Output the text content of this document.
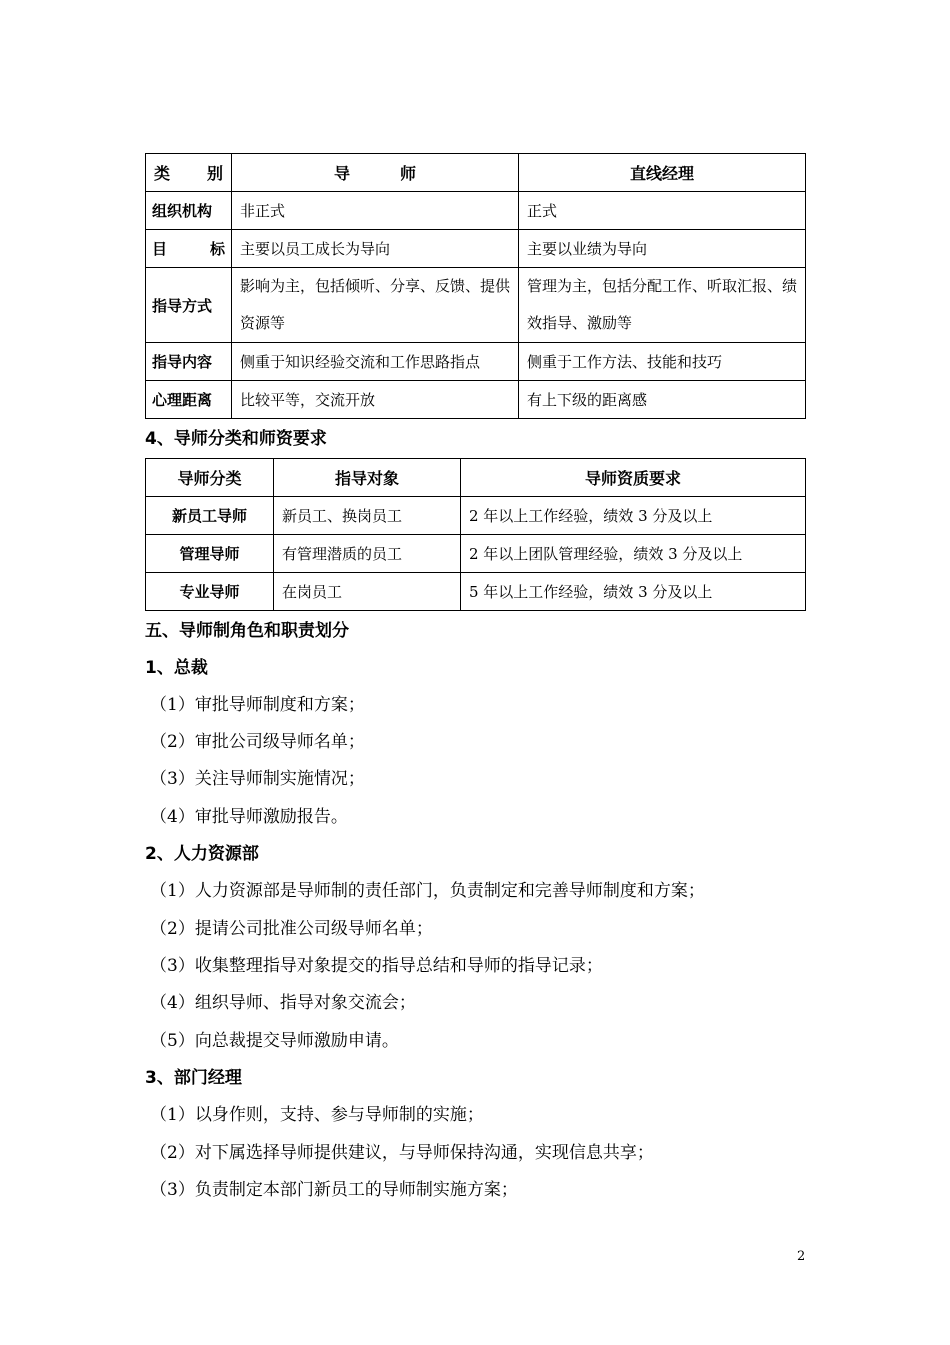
类 别	导 师	直线经理
组织机构	非正式	正式

目 标	主要以员工成长为导向	主要以业绩为导向
指导方式	影响为主，包括倾听、分享、反馈、提供资源等	管理为主，包括分配工作、听取汇报、绩效指导、激励等
指导内容	侧重于知识经验交流和工作思路指点	侧重于工作方法、技能和技巧
心理距离	比较平等，交流开放	有上下级的距离感
4、导师分类和师资要求
导师分类	指导对象	导师资质要求
新员工导师	新员工、换岗员工	2 年以上工作经验，绩效 3 分及以上
管理导师	有管理潜质的员工	2 年以上团队管理经验，绩效 3 分及以上
专业导师	在岗员工	5 年以上工作经验，绩效 3 分及以上
五、导师制角色和职责划分
1、总裁
（1）审批导师制度和方案；
（2）审批公司级导师名单；
（3）关注导师制实施情况；
（4）审批导师激励报告。
2、人力资源部
（1）人力资源部是导师制的责任部门，负责制定和完善导师制度和方案；
（2）提请公司批准公司级导师名单；
（3）收集整理指导对象提交的指导总结和导师的指导记录；
（4）组织导师、指导对象交流会；
（5）向总裁提交导师激励申请。
3、部门经理
（1）以身作则，支持、参与导师制的实施；
（2）对下属选择导师提供建议，与导师保持沟通，实现信息共享；
（3）负责制定本部门新员工的导师制实施方案；
2
